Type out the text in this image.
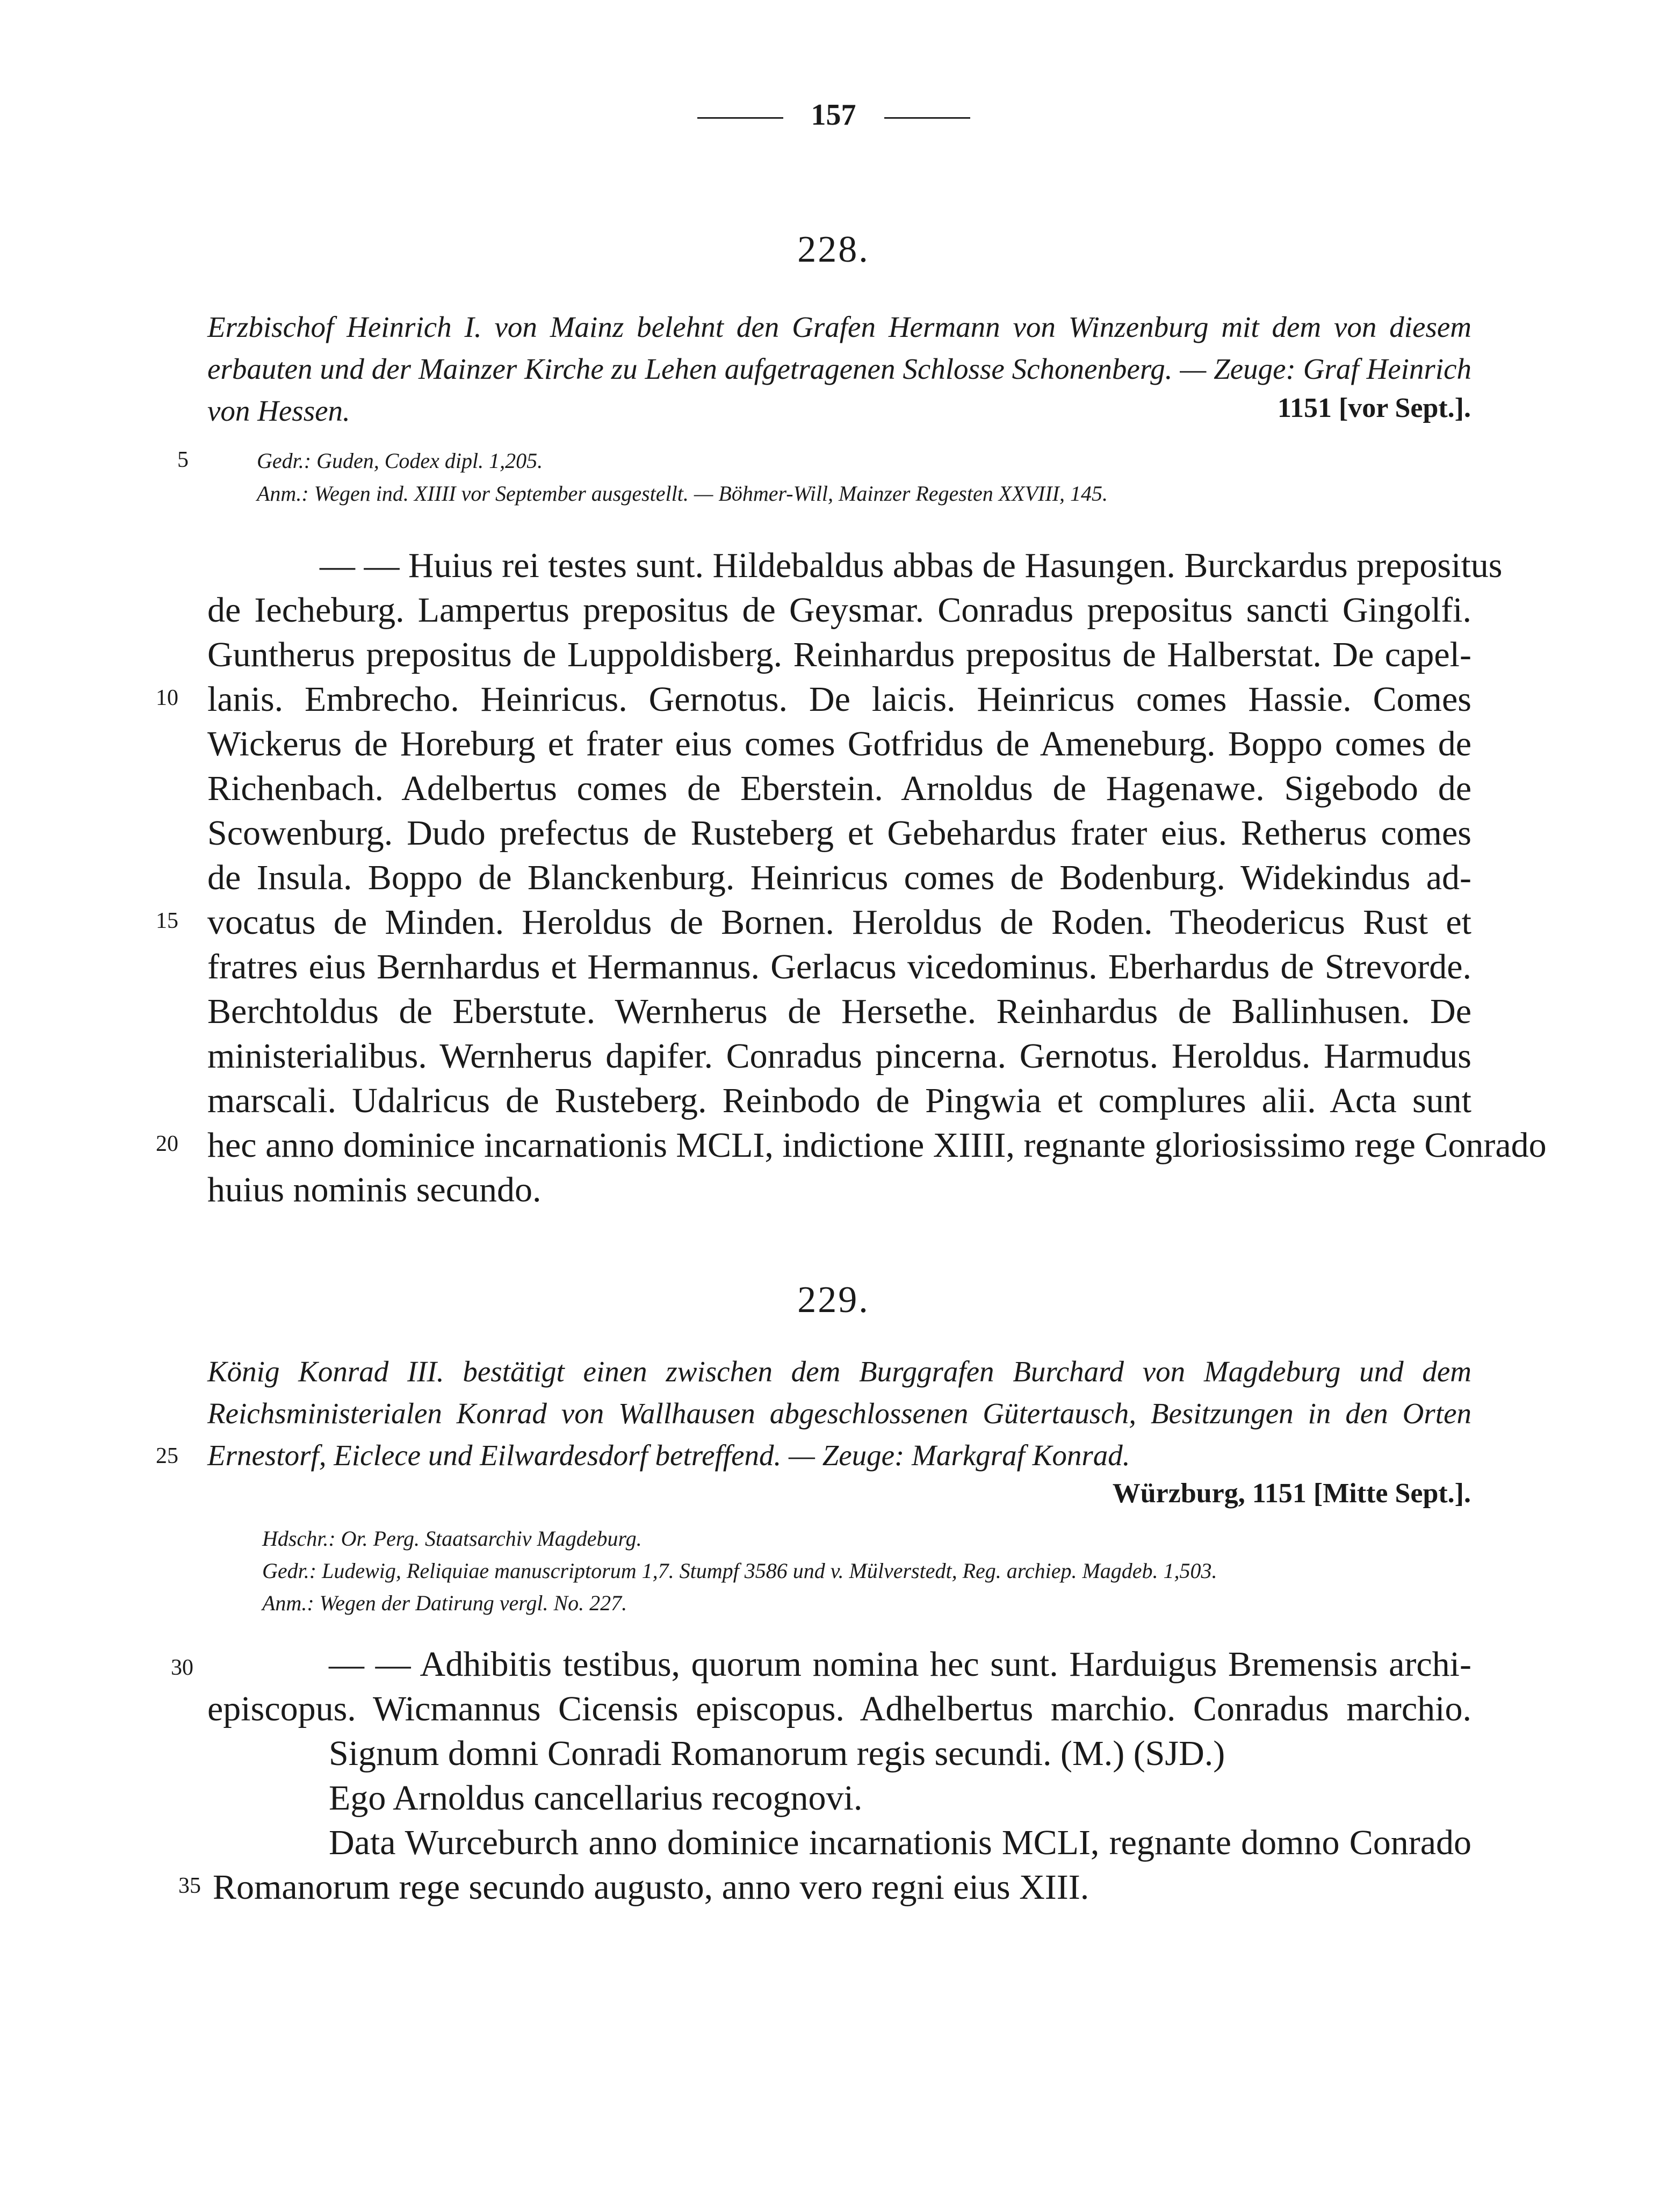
157
228.

Erzbischof Heinrich I. von Mainz belehnt den Grafen Hermann von Winzenburg mit dem von diesem erbauten und der Mainzer Kirche zu Lehen aufgetragenen Schlosse Schonenberg. — Zeuge: Graf Heinrich von Hessen.	1151 [vor Sept.].
5	Gedr.: Guden, Codex dipl. 1,205.

Anm.: Wegen ind. XIIII vor September ausgestellt. — Böhmer-Will, Mainzer Regesten XXVIII, 145.

— — Huius rei testes sunt. Hildebaldus abbas de Hasungen. Burckardus prepositus

de Iecheburg. Lampertus prepositus de Geysmar. Conradus prepositus sancti Gingolfi.

Guntherus prepositus de Luppoldisberg. Reinhardus prepositus de Halberstat. De capel-

10 lanis. Embrecho. Heinricus. Gernotus. De laicis. Heinricus comes Hassie. Comes

Wickerus de Horeburg et frater eius comes Gotfridus de Ameneburg. Boppo comes de

Richenbach. Adelbertus comes de Eberstein. Arnoldus de Hagenawe. Sigebodo de

Scowenburg. Dudo prefectus de Rusteberg et Gebehardus frater eius. Retherus comes

de Insula. Boppo de Blanckenburg. Heinricus comes de Bodenburg. Widekindus ad-

15 vocatus de Minden. Heroldus de Bornen. Heroldus de Roden. Theodericus Rust et

fratres eius Bernhardus et Hermannus. Gerlacus vicedominus. Eberhardus de Strevorde.

Berchtoldus de Eberstute. Wernherus de Hersethe. Reinhardus de Ballinhusen. De

ministerialibus. Wernherus dapifer. Conradus pincerna. Gernotus. Heroldus. Harmudus

marscali. Udalricus de Rusteberg. Reinbodo de Pingwia et complures alii. Acta sunt

20 hec anno dominice incarnationis MCLI, indictione XIIII, regnante gloriosissimo rege Conrado

huius nominis secundo.

229.

König Konrad III. bestätigt einen zwischen dem Burggrafen Burchard von Magdeburg und dem

Reichsministerialen Konrad von Wallhausen abgeschlossenen Gütertausch, Besitzungen in den Orten

25 Ernestorf, Eiclece und Eilwardesdorf betreffend. — Zeuge: Markgraf Konrad.

Würzburg, 1151 [Mitte Sept.].

Hdschr.: Or. Perg. Staatsarchiv Magdeburg.

Gedr.: Ludewig, Reliquiae manuscriptorum 1,7. Stumpf 3586 und v. Mülverstedt, Reg. archiep. Magdeb. 1,503.

Anm.: Wegen der Datirung vergl. No. 227.

30	— — Adhibitis testibus, quorum nomina hec sunt. Harduigus Bremensis archi-

episcopus. Wicmannus Cicensis episcopus. Adhelbertus marchio. Conradus marchio.

Signum domni Conradi Romanorum regis secundi. (M.) (SJD.)

Ego Arnoldus cancellarius recognovi.

Data Wurceburch anno dominice incarnationis MCLI, regnante domno Conrado

35 Romanorum rege secundo augusto, anno vero regni eius XIII.
